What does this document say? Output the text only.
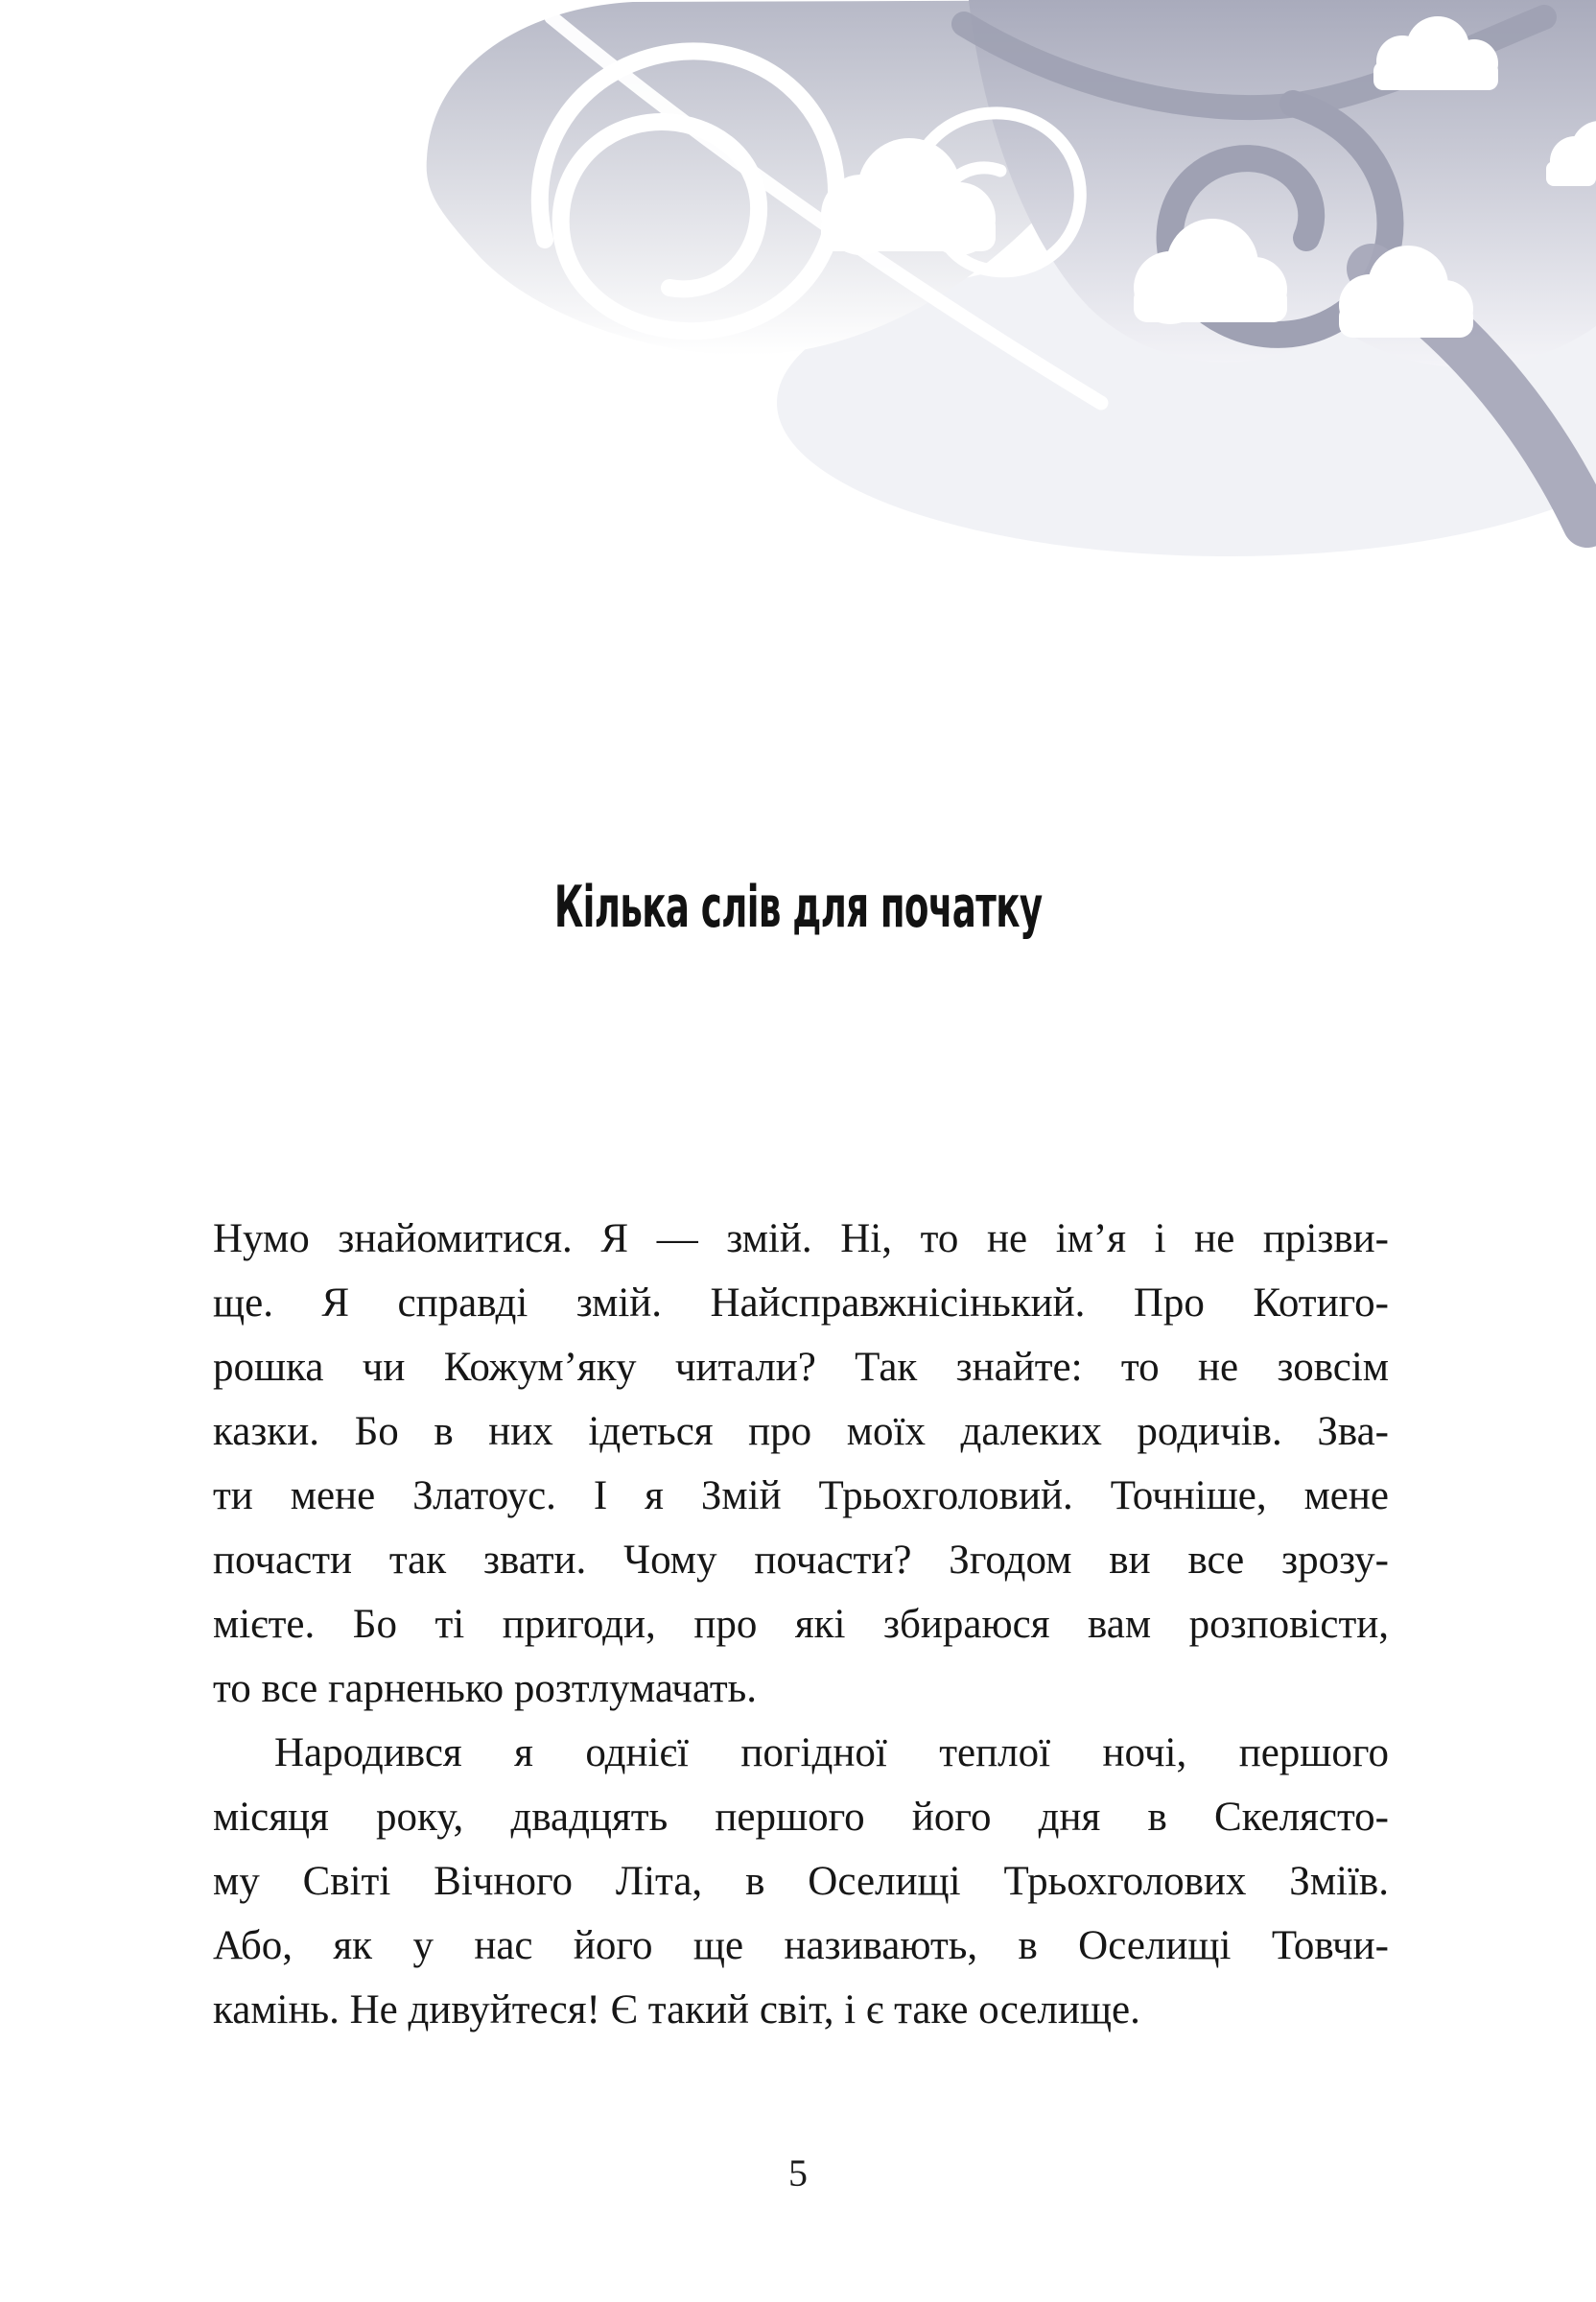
Кілька слів для початку
Нумо знайомитися. Я — змій. Ні, то не ім’я і не прізви-
ще. Я справді змій. Найсправжнісінький. Про Котиго-
рошка чи Кожум’яку читали? Так знайте: то не зовсім
казки. Бо в них ідеться про моїх далеких родичів. Зва-
ти мене Златоус. І я Змій Трьохголовий. Точніше, мене
почасти так звати. Чому почасти? Згодом ви все зрозу-
мієте. Бо ті пригоди, про які збираюся вам розповісти,
то все гарненько розтлумачать.
Народився я однієї погідної теплої ночі, першого
місяця року, двадцять першого його дня в Скелясто-
му Світі Вічного Літа, в Оселищі Трьохголових Зміїв.
Або, як у нас його ще називають, в Оселищі Товчи-
камінь. Не дивуйтеся! Є такий світ, і є таке оселище.
5
